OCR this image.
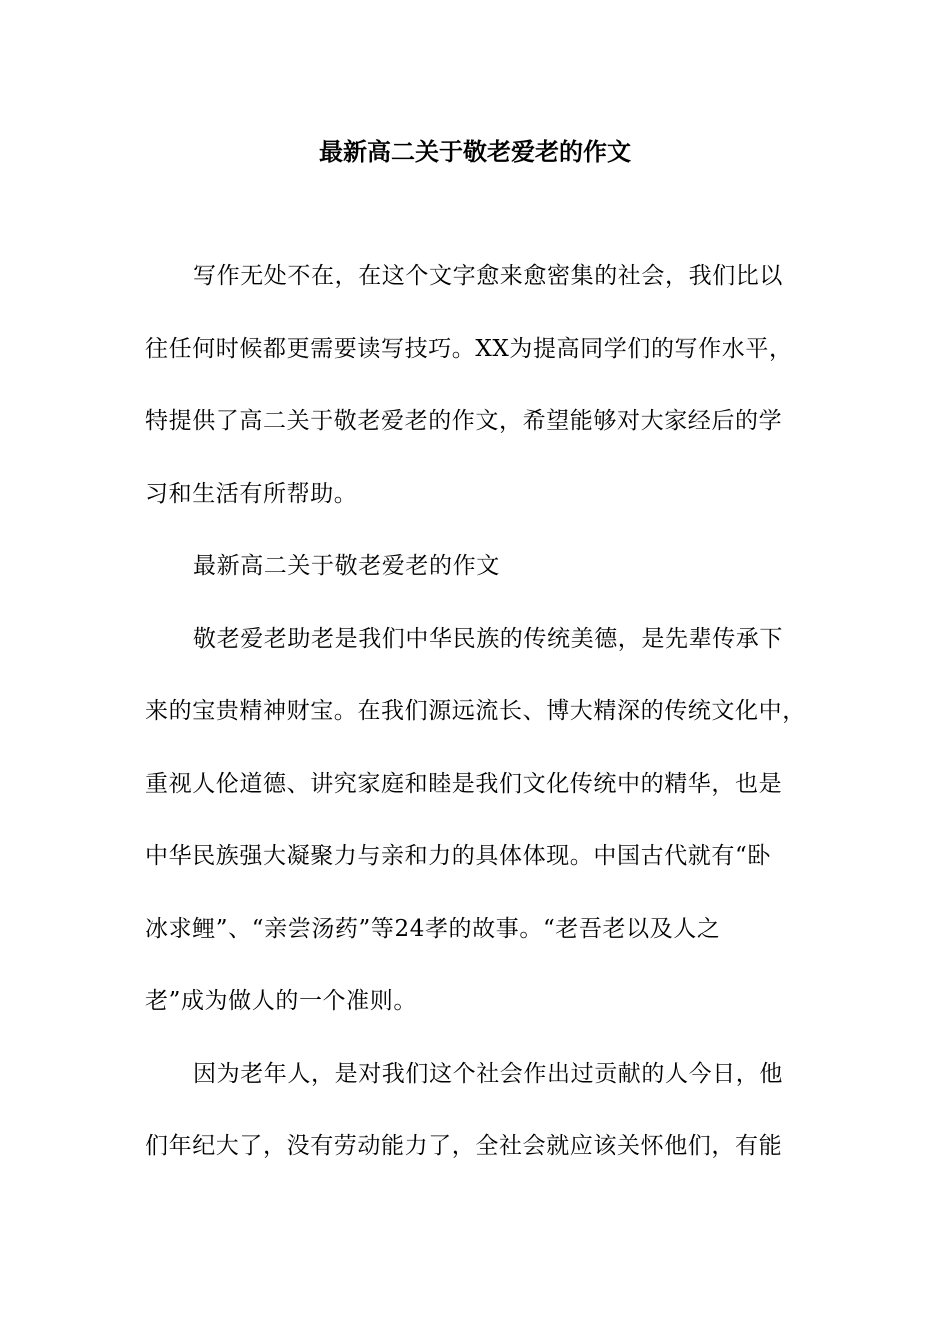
最新高二关于敬老爱老的作文
写作无处不在，在这个文字愈来愈密集的社会，我们比以
往任何时候都更需要读写技巧。XX为提高同学们的写作水平，
特提供了高二关于敬老爱老的作文，希望能够对大家经后的学
习和生活有所帮助。
最新高二关于敬老爱老的作文
敬老爱老助老是我们中华民族的传统美德，是先辈传承下
来的宝贵精神财宝。在我们源远流长、博大精深的传统文化中，
重视人伦道德、讲究家庭和睦是我们文化传统中的精华，也是
中华民族强大凝聚力与亲和力的具体体现。中国古代就有“卧
冰求鲤”、“亲尝汤药”等24孝的故事。“老吾老以及人之
老”成为做人的一个准则。
因为老年人，是对我们这个社会作出过贡献的人今日，他
们年纪大了，没有劳动能力了，全社会就应该关怀他们，有能
